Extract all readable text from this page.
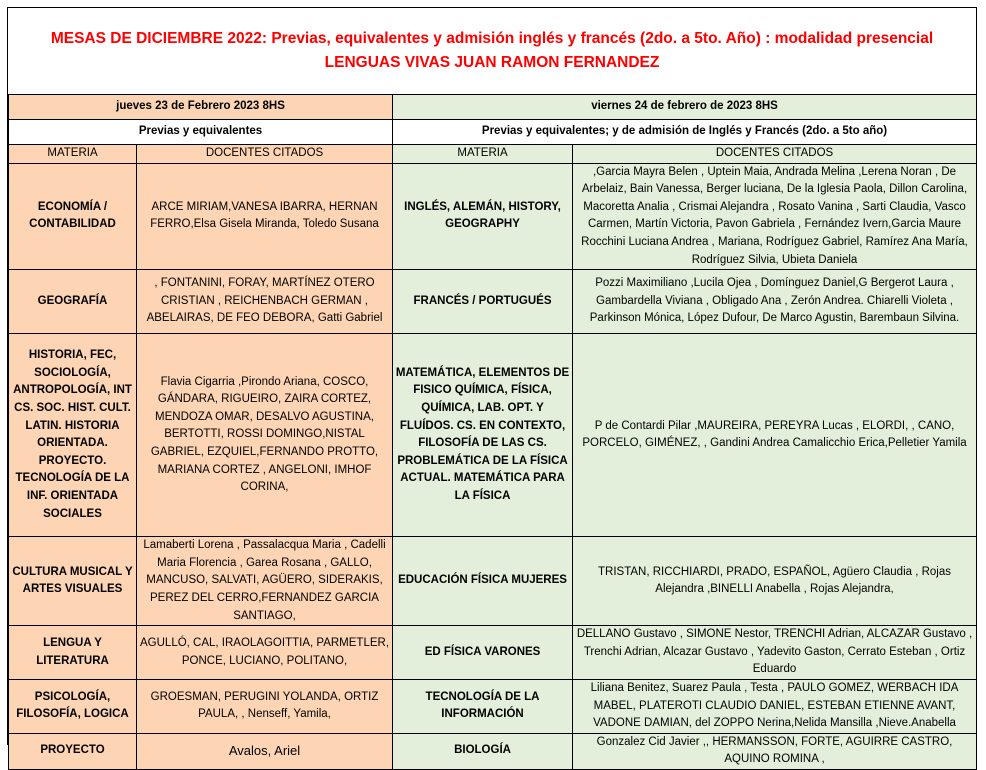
MESAS DE DICIEMBRE 2022: Previas, equivalentes y admisión inglés y francés (2do. a 5to. Año) : modalidad presencial
LENGUAS VIVAS JUAN RAMON FERNANDEZ
jueves 23 de Febrero 2023 8HS		viernes 24 de febrero de 2023 8HS	
Previas y equivalentes		Previas y equivalentes; y de admisión de Inglés y Francés (2do. a 5to año)	
MATERIA	DOCENTES CITADOS	MATERIA	DOCENTES CITADOS
ECONOMÍA / CONTABILIDAD	ARCE MIRIAM,VANESA IBARRA, HERNAN FERRO,Elsa Gisela Miranda, Toledo Susana	INGLÉS, ALEMÁN, HISTORY, GEOGRAPHY	,Garcia Mayra Belen , Uptein Maia, Andrada Melina ,Lerena Noran , De Arbelaiz, Bain Vanessa, Berger luciana, De la Iglesia Paola, Dillon Carolina, Macoretta Analia , Crismai Alejandra , Rosato Vanina , Sarti Claudia, Vasco Carmen, Martín Victoria, Pavon Gabriela , Fernández Ivern,Garcia Maure Rocchini Luciana Andrea , Mariana, Rodríguez Gabriel, Ramírez Ana María, Rodríguez Silvia, Ubieta Daniela
GEOGRAFÍA	, FONTANINI, FORAY, MARTÍNEZ OTERO CRISTIAN , REICHENBACH GERMAN , ABELAIRAS, DE FEO DEBORA, Gatti Gabriel	FRANCÉS / PORTUGUÉS	Pozzi Maximiliano ,Lucila Ojea , Domínguez Daniel,G Bergerot Laura , Gambardella Viviana , Obligado Ana , Zerón Andrea. Chiarelli Violeta , Parkinson Mónica, López Dufour, De Marco Agustin, Barembaun Silvina.
HISTORIA, FEC, SOCIOLOGÍA, ANTROPOLOGÍA, INT CS. SOC. HIST. CULT. LATIN. HISTORIA ORIENTADA. PROYECTO. TECNOLOGÍA DE LA INF. ORIENTADA SOCIALES	Flavia Cigarria ,Pirondo Ariana, COSCO, GÁNDARA, RIGUEIRO, ZAIRA CORTEZ, MENDOZA OMAR, DESALVO AGUSTINA, BERTOTTI, ROSSI DOMINGO,NISTAL GABRIEL, EZQUIEL,FERNANDO PROTTO, MARIANA CORTEZ , ANGELONI, IMHOF CORINA,	MATEMÁTICA, ELEMENTOS DE FISICO QUÍMICA, FÍSICA, QUÍMICA, LAB. OPT. Y FLUÍDOS. CS. EN CONTEXTO, FILOSOFÍA DE LAS CS. PROBLEMÁTICA DE LA FÍSICA ACTUAL. MATEMÁTICA PARA LA FÍSICA	P de Contardi Pilar ,MAUREIRA, PEREYRA Lucas , ELORDI, , CANO, PORCELO, GIMÉNEZ, , Gandini Andrea Camalicchio Erica,Pelletier Yamila
CULTURA MUSICAL Y ARTES VISUALES	Lamaberti Lorena , Passalacqua Maria , Cadelli Maria Florencia , Garea Rosana , GALLO, MANCUSO, SALVATI, AGÜERO, SIDERAKIS, PEREZ DEL CERRO,FERNANDEZ GARCIA SANTIAGO,	EDUCACIÓN FÍSICA MUJERES	TRISTAN, RICCHIARDI, PRADO, ESPAÑOL, Agüero Claudia , Rojas Alejandra ,BINELLI Anabella , Rojas Alejandra,
LENGUA Y LITERATURA	AGULLÓ, CAL, IRAOLAGOITTIA, PARMETLER, PONCE, LUCIANO, POLITANO,	ED FÍSICA VARONES	DELLANO Gustavo , SIMONE Nestor, TRENCHI Adrian, ALCAZAR Gustavo , Trenchi Adrian, Alcazar Gustavo , Yadevito Gaston, Cerrato Esteban , Ortiz Eduardo
PSICOLOGÍA, FILOSOFÍA, LOGICA	GROESMAN, PERUGINI YOLANDA, ORTIZ PAULA, , Nenseff, Yamila,	TECNOLOGÍA DE LA INFORMACIÓN	Liliana Benitez, Suarez Paula , Testa , PAULO GOMEZ, WERBACH IDA MABEL, PLATEROTI CLAUDIO DANIEL, ESTEBAN ETIENNE AVANT, VADONE DAMIAN, del ZOPPO Nerina,Nelida Mansilla ,Nieve.Anabella
PROYECTO	Avalos, Ariel	BIOLOGÍA	Gonzalez Cid Javier ,, HERMANSSON, FORTE, AGUIRRE CASTRO, AQUINO ROMINA ,
